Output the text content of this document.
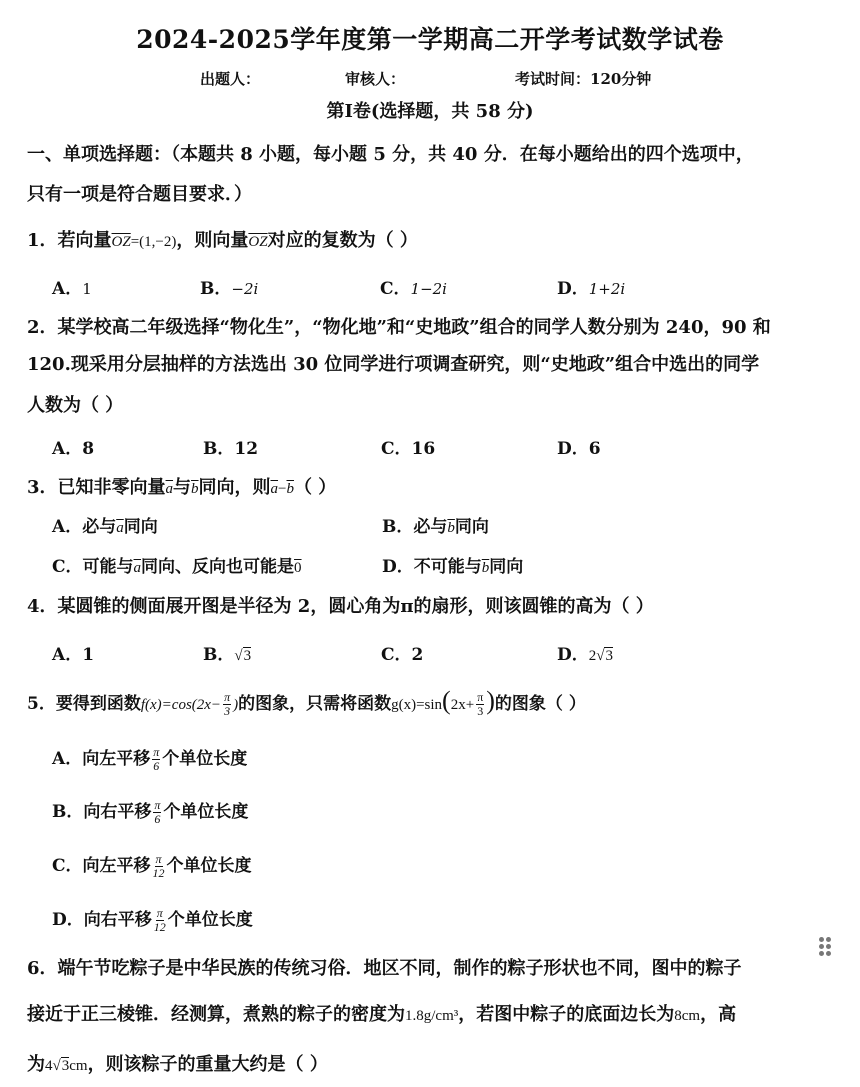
2024-2025学年度第一学期高二开学考试数学试卷
出题人：	审核人：	考试时间：120分钟
第Ⅰ卷(选择题，共 58 分)
一、单项选择题：（本题共 8 小题，每小题 5 分，共 40 分．在每小题给出的四个选项中，
只有一项是符合题目要求．）
1．若向量$\overline{OZ}=(1,-2)$，则向量$\overline{OZ}$对应的复数为（ ）
A．1	B．−2i	C．1−2i	D．1+2i
2．某学校高二年级选择“物化生”，“物化地”和“史地政”组合的同学人数分别为 240，90 和
120.现采用分层抽样的方法选出 30 位同学进行项调查研究，则“史地政”组合中选出的同学
人数为（ ）
A．8	B．12	C．16	D．6
3．已知非零向量$\overline{a}$与$\overline{b}$同向，则$\overline{a}-\overline{b}$（ ）
A．必与$\overline{a}$同向	B．必与$\overline{b}$同向
C．可能与$\overline{a}$同向、反向也可能是0	D．不可能与$\overline{b}$同向
4．某圆锥的侧面展开图是半径为 2，圆心角为π的扇形，则该圆锥的高为（ ）
A．1	B．√3	C．2	D．2√3
5．要得到函数$f(x)=\cos(2x- \frac{\pi}{3}$ )的图象，只需将函数$g(x)=\sin(2x+ \frac{\pi}{3}$ )的图象（ ）
A．向左平移 $\frac{\pi}{6}$ 个单位长度
B．向右平移 $\frac{\pi}{6}$ 个单位长度
C．向左平移 $\frac{\pi}{12}$ 个单位长度
D．向右平移 $\frac{\pi}{12}$ 个单位长度
6．端午节吃粽子是中华民族的传统习俗．地区不同，制作的粽子形状也不同，图中的粽子
接近于正三棱锥．经测算，煮熟的粽子的密度为1.8g/cm³，若图中粽子的底面边长为8cm，高
为4√3cm，则该粽子的重量大约是（ ）
